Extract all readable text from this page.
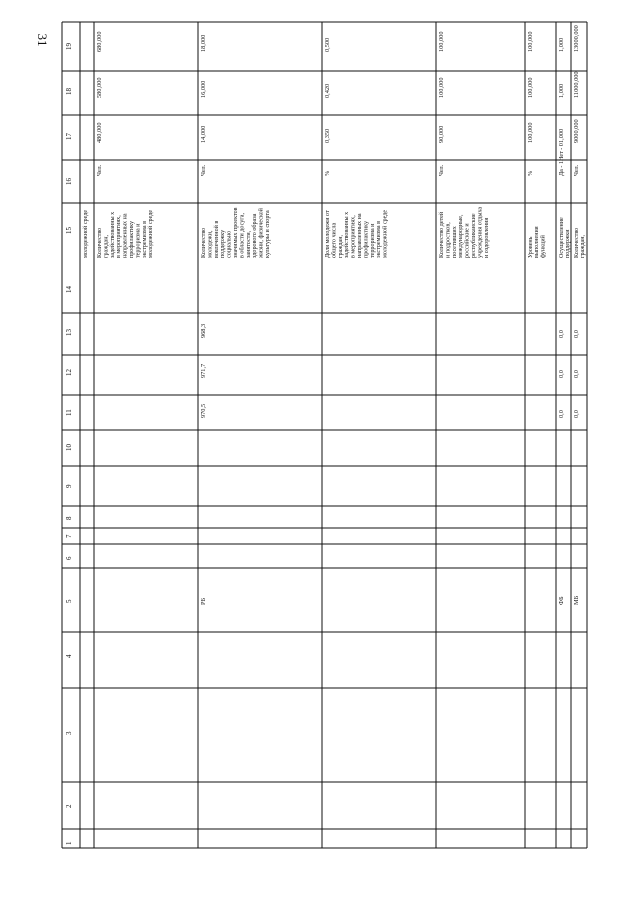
31
1
2
3
4
5
6
7
8
9
10
11
12
13
14
15
16
17
18
19
молодежной среде Количество граждан, задействованны х в мероприятиях, направленных на профилактику терроризма и экстремизма в молодежной среде
Чел.
480,000
580,000
680,000
Количество молодежи, вовлеченной в поддержку социально значимых проектов в области досуга, занятости, здорового образа жизни, физической культуры и спорта
Чел.
14,000
16,000
18,000
970,5
971,7
968,3
РБ
Доля молодежи от общего числа граждан, задействованны х в мероприятиях, направленных на профилактику терроризма и экстремизма в молодежной среде
%
0,350
0,420
0,500
Количество детей и подростков, посетивших международные, российские и республиканские учреждения отдыха и оздоровления
Чел.
90,000
100,000
100,000
Уровень выполнения функций
%
100,000
100,000
100,000
Осуществление поддержки
Да - 1Нет - 0
1,000
1,000
1,000
0,0
0,0
0,0
ФБ
Количество граждан,
Чел.
9000,000
11000,000
13000,000
0,0
0,0
0,0
МБ
